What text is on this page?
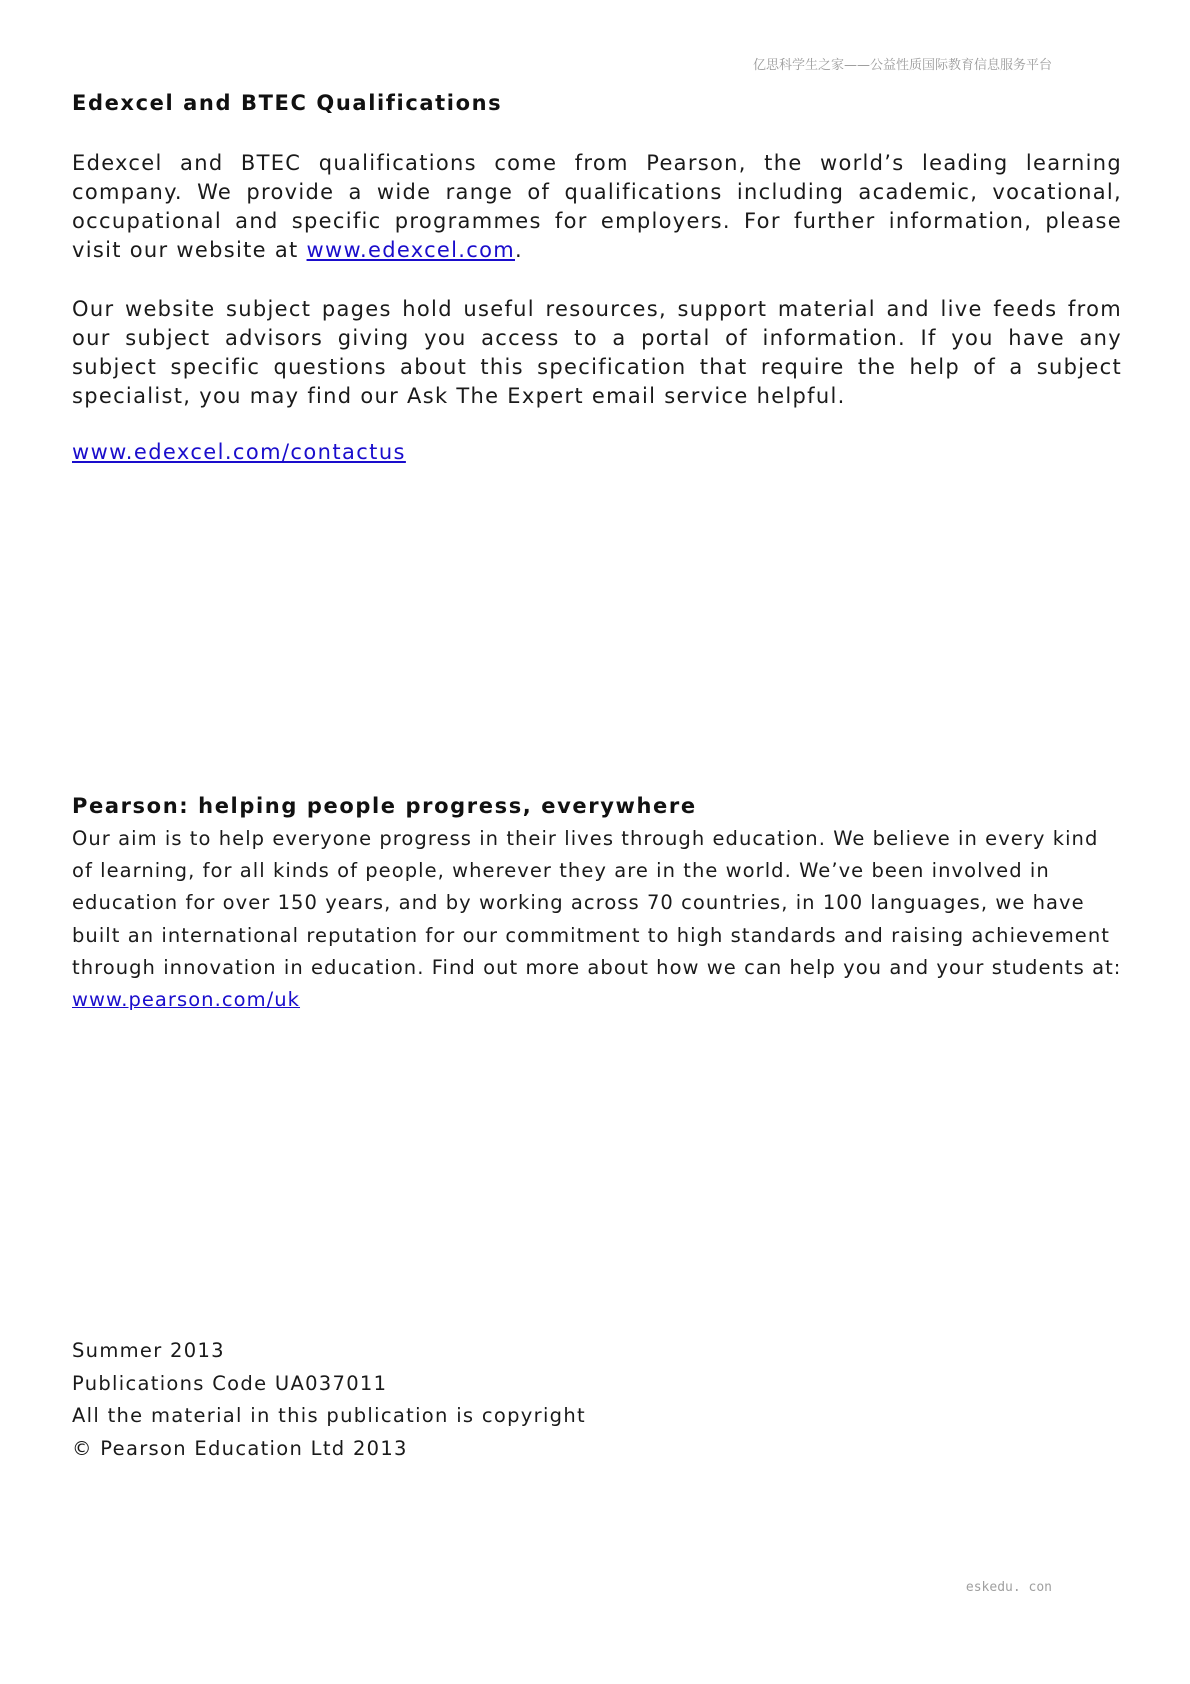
亿思科学生之家——公益性质国际教育信息服务平台
Edexcel and BTEC Qualifications

Edexcel and BTEC qualifications come from Pearson, the world’s leading learning company. We provide a wide range of qualifications including academic, vocational, occupational and specific programmes for employers. For further information, please visit our website at www.edexcel.com.

Our website subject pages hold useful resources, support material and live feeds from our subject advisors giving you access to a portal of information. If you have any subject specific questions about this specification that require the help of a subject specialist, you may find our Ask The Expert email service helpful.

www.edexcel.com/contactus
Pearson: helping people progress, everywhere

Our aim is to help everyone progress in their lives through education. We believe in every kind of learning, for all kinds of people, wherever they are in the world. We’ve been involved in education for over 150 years, and by working across 70 countries, in 100 languages, we have built an international reputation for our commitment to high standards and raising achievement through innovation in education. Find out more about how we can help you and your students at: www.pearson.com/uk

Summer 2013
Publications Code UA037011
All the material in this publication is copyright
© Pearson Education Ltd 2013
eskedu. con
